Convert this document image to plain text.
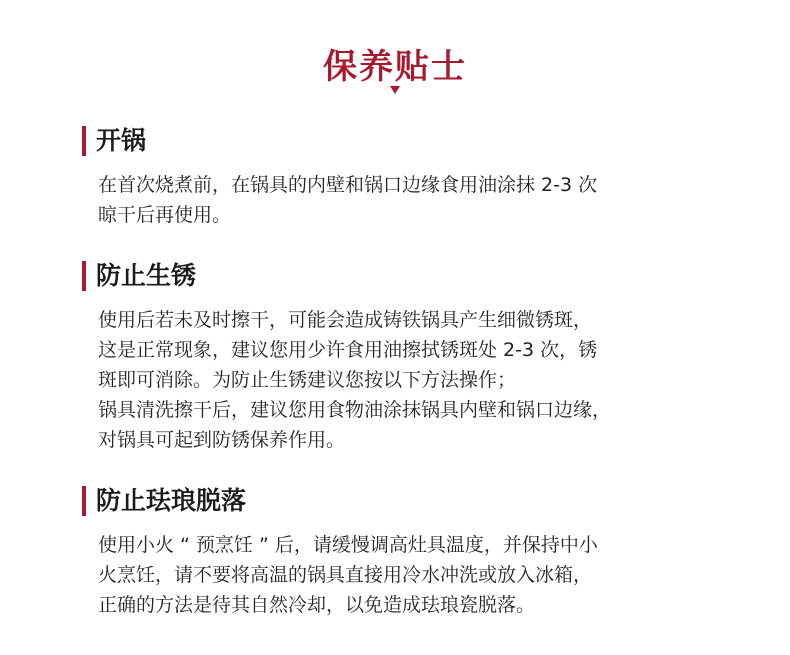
保养贴士
开锅
在首次烧煮前，在锅具的内壁和锅口边缘食用油涂抹 2-3 次
晾干后再使用。
防止生锈
使用后若未及时擦干，可能会造成铸铁锅具产生细微锈斑，
这是正常现象，建议您用少许食用油擦拭锈斑处 2-3 次，锈
斑即可消除。为防止生锈建议您按以下方法操作；
锅具清洗擦干后，建议您用食物油涂抹锅具内壁和锅口边缘，
对锅具可起到防锈保养作用。
防止珐琅脱落
使用小火 “ 预烹饪 ” 后，请缓慢调高灶具温度，并保持中小
火烹饪，请不要将高温的锅具直接用冷水冲洗或放入冰箱，
正确的方法是待其自然冷却，以免造成珐琅瓷脱落。
